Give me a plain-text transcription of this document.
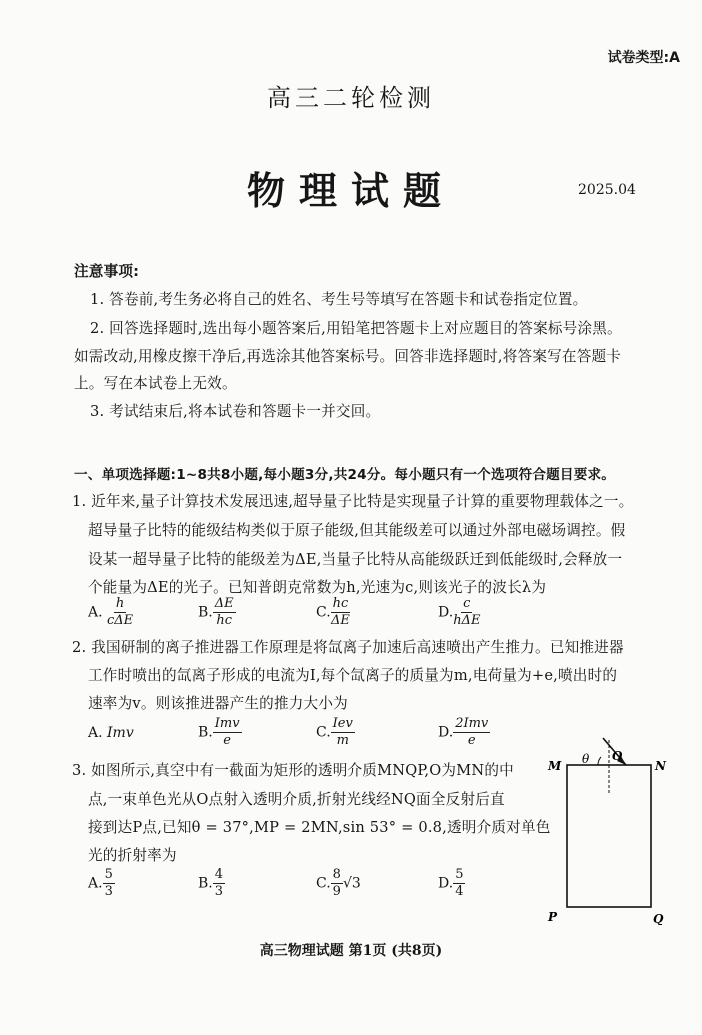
试卷类型:A
高三二轮检测
物理试题	2025.04
注意事项:
1. 答卷前,考生务必将自己的姓名、考生号等填写在答题卡和试卷指定位置。
2. 回答选择题时,选出每小题答案后,用铅笔把答题卡上对应题目的答案标号涂黑。
如需改动,用橡皮擦干净后,再选涂其他答案标号。回答非选择题时,将答案写在答题卡
上。写在本试卷上无效。
3. 考试结束后,将本试卷和答题卡一并交回。
一、单项选择题:1~8共8小题,每小题3分,共24分。每小题只有一个选项符合题目要求。
1. 近年来,量子计算技术发展迅速,超导量子比特是实现量子计算的重要物理载体之一。
超导量子比特的能级结构类似于原子能级,但其能级差可以通过外部电磁场调控。假
设某一超导量子比特的能级差为ΔE,当量子比特从高能级跃迁到低能级时,会释放一
个能量为ΔE的光子。已知普朗克常数为h,光速为c,则该光子的波长λ为
A. $\frac{h}{\text{cΔE}}$	B. $\frac{\Delta E}{hc}$	C. $\frac{hc}{\Delta E}$	D. $\frac{c}{\text{hΔE}}$
2. 我国研制的离子推进器工作原理是将氙离子加速后高速喷出产生推力。已知推进器
工作时喷出的氙离子形成的电流为I,每个氙离子的质量为m,电荷量为+e,喷出时的
速率为v。则该推进器产生的推力大小为
A. Imv	B. $\frac{\text{Imv}}{e}$	C. $\frac{\text{Iev}}{m}$	D. $\frac{\text{2Imv}}{e}$
3. 如图所示,真空中有一截面为矩形的透明介质MNQP,O为MN的中
点,一束单色光从O点射入透明介质,折射光线经NQ面全反射后直
接到达P点,已知θ = 37°,MP = 2MN,sin 53° = 0.8,透明介质对单色
光的折射率为
A. $\frac{5}{3}$	B. $\frac{4}{3}$	C. $\frac{8}{9} √3$	D. $\frac{5}{4}$
M	N
O
θ
P	Q
高三物理试题 第1页 (共8页)
